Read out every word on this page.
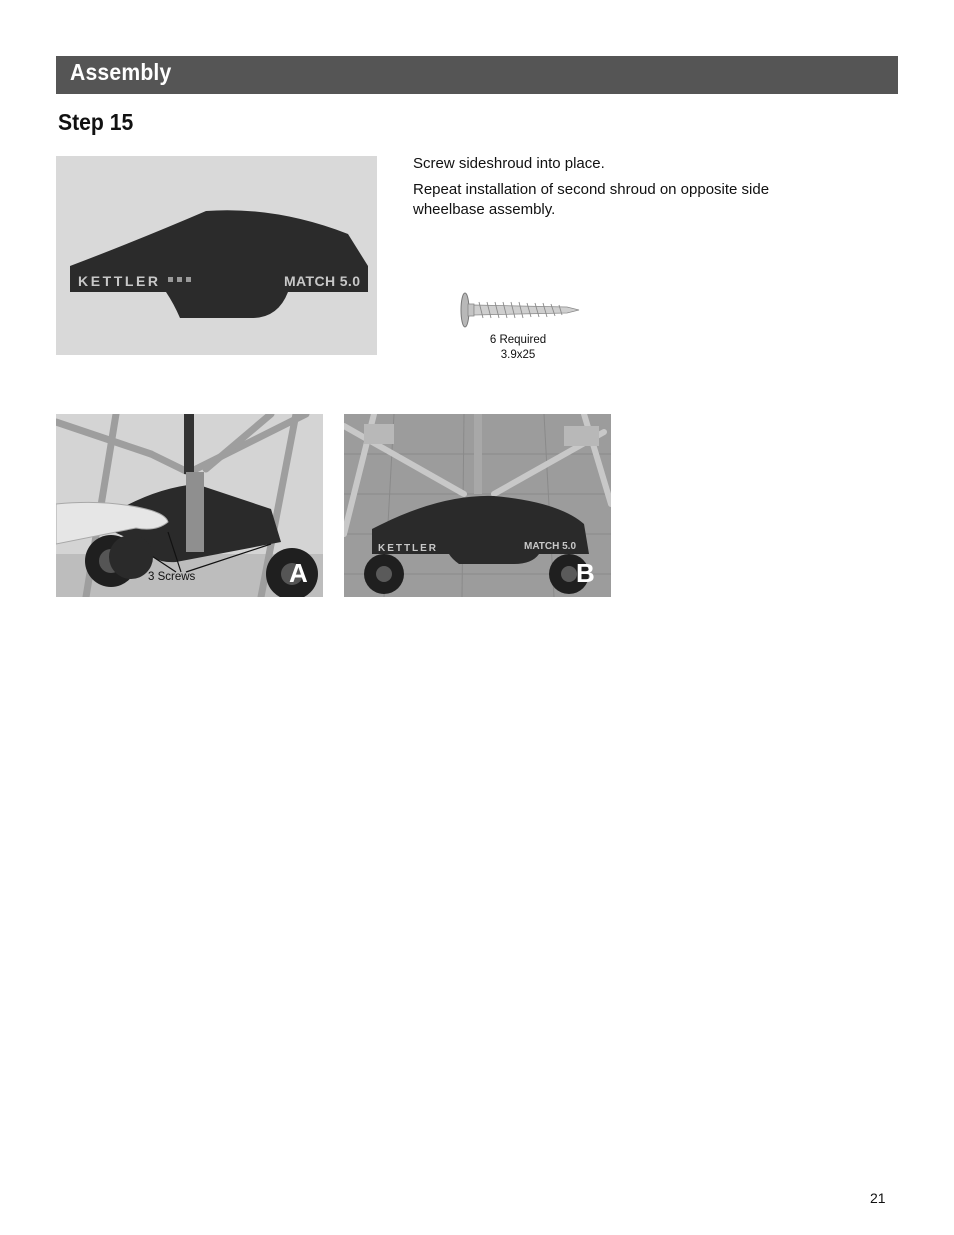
Assembly
Step 15
KETTLER	MATCH 5.0

Screw sideshroud into place.

Repeat installation of second shroud on opposite side wheelbase assembly.

6 Required
3.9x25
3 Screws	A
KETTLER	MATCH 5.0
B
21
